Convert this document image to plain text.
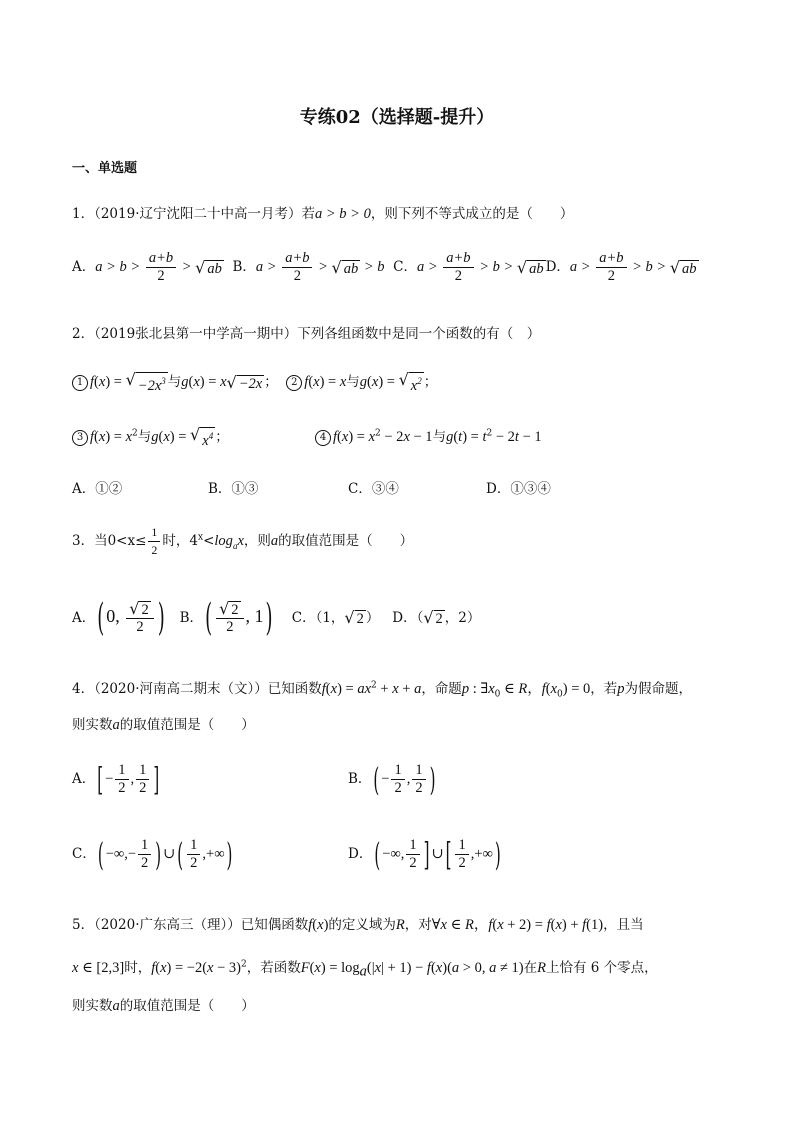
专练02（选择题-提升）
一、单选题
1．（2019·辽宁沈阳二十中高一月考）若a > b > 0，则下列不等式成立的是（　　）
A．$a > b > \frac{a+b}{2}$ > √ ab B．$a > \frac{a+b}{2}$ > √ ab > b C．$a > \frac{a+b}{2} > b$ > √ ab D．$a > \frac{a+b}{2} > b$ > √ ab
2．（2019张北县第一中学高一期中）下列各组函数中是同一个函数的有（　）
1 f(x) = √ $-2x^3$ 与g(x) = x √ −2x ； 2 f(x) = x与g(x) = √ $x^2$ ；
3 $f(x) = x^2$与g(x) = √ $x^4$ ；	4 $f(x) = x^2 - 2x - 1$与$g(t) = t^2 - 2t - 1$
A．①②	B．①③	C．③④	D．①③④
3．当$0<x\le \frac{1}{2}$ 时，$4^x<\log_ax$，则a的取值范围是（　　）
A． ( 0, $\frac{√ 2}{2}$ ) B． ( $\frac{√ 2}{2}$ , 1 ) C．（1， √ 2 ） D．（ √ 2 ，2）
4．（2020·河南高二期末（文））已知函数$f(x) = ax^2 + x + a$，命题p : $\exists x_0$ ∈ R，$f(x_0) = 0$，若p为假命题，
则实数a的取值范围是（　　）
A． [ − $\frac{1}{2}$ , $\frac{1}{2}$ ]	B． ( − $\frac{1}{2}$ , $\frac{1}{2}$ )
C． ( −∞,− $\frac{1}{2}$ ) ∪ ( $\frac{1}{2}$ ,+∞ )	D． ( −∞, $\frac{1}{2}$ ] ∪ [ $\frac{1}{2}$ ,+∞ )
5．（2020·广东高三（理））已知偶函数f(x)的定义域为R，对∀x ∈ R，f(x + 2) = f(x) + f(1)，且当
x ∈ [2,3]时，$f(x) = -2(x - 3)^2$，若函数$F(x) = \log_a(|x| + 1) - f(x)(a > 0$, a ≠ 1)在R上恰有 6 个零点，
则实数a的取值范围是（　　）
